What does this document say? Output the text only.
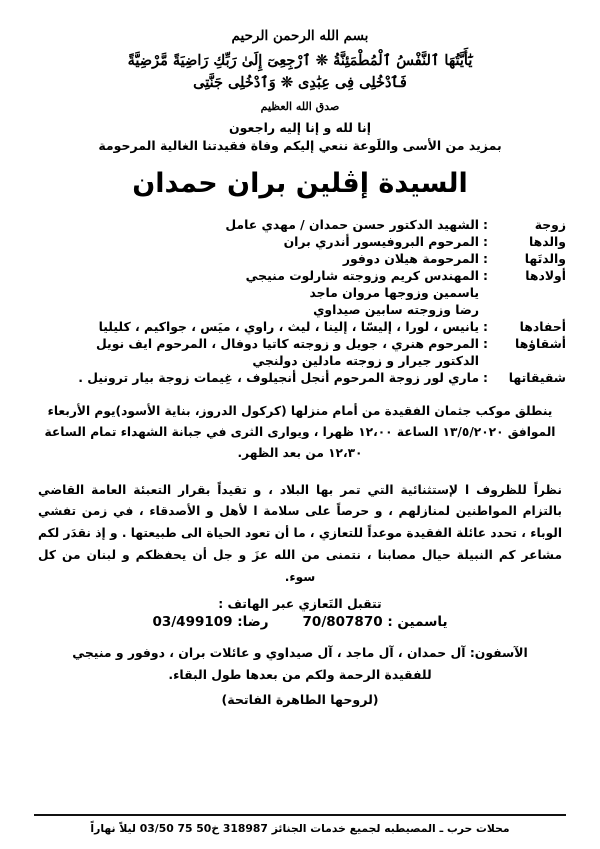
بسم الله الرحمن الرحيم
يَٰٓأَيَّتُهَا ٱلنَّفْسُ ٱلْمُطْمَئِنَّةُ ❊ ٱرْجِعِىٓ إِلَىٰ رَبِّكِ رَاضِيَةً مَّرْضِيَّةً
فَٱدْخُلِى فِى عِبَٰدِى ❊ وَٱدْخُلِى جَنَّتِى
صدق الله العظيم
إنا لله و إنا إليه راجعون
بمزيد من الأسى واللَوعة ننعي إليكم وفاة فقيدتنا الغالية المرحومة
السيدة إڤلين بران حمدان
زوجة	:	الشهيد الدكتور حسن حمدان / مهدي عامل
والدها	:	المرحوم البروفيسور أندري بران
والدتَها	:	المرحومة هيلان دوفور
أولادها	:	المهندس كريم وزوجته شارلوت منيجي
		ياسمين وزوجها مروان ماجد
		رضا وزوجته سابين صيداوي
أحفادها	:	يانيس ، لورا ، إليسّا ، إلينا ، ليث ، راوي ، ميَس ، جواكيم ، كليليا
أشقاؤها	:	المرحوم هنري ، جويل و زوجته كاتيا دوفال ، المرحوم ايف نويل
		الدكتور جيرار و زوجته مادلين دولنجي
شقيقاتها	:	ماري لور زوجة المرحوم أنجل أنجيلوف ، غِيمات زوجة بيار ترونيل .
ينطلق موكب جثمان الفقيدة من أمام منزلها (كركول الدروز، بناية الأسود)يوم الأربعاء الموافق ١٣/٥/٢٠٢٠ الساعة ١٢،٠٠ ظهرا ، ويوارى الثرى في جبانة الشهداء تمام الساعة ١٢،٣٠ من بعد الظهر.
نظراً للظروف ا لإستثنائية التي تمر بها البلاد ، و تقيداً بقرار التعبئة العامة القاضي بالتزام المواطنين لمنازلهم ، و حرصاً على سلامة ا لأهل و الأصدقاء ، في زمن تفشي الوباء ، تحدد عائلة الفقيدة موعداً للتعازي ، ما أن تعود الحياة الى طبيعتها . و إذ نقدَر لكم مشاعر كم النبيلة حيال مصابنا ، نتمنى من الله عزَ و جل أن يحفظكم و لبنان من كل سوء.
تتقبل التَعازي عبر الهاتف :
ياسمين : 70/807870
رضا: 03/499109
الآسفون: آل حمدان ، آل ماجد ، آل صيداوي و عائلات بران ، دوفور و منيجي
للفقيدة الرحمة ولكم من بعدها طول البقاء.
(لروحها الطاهرة الفاتحة)
محلات حرب ـ المصيطبه لجميع خدمات الجنائز 318987 خ03/50 75 50 ليلاً نهاراً
